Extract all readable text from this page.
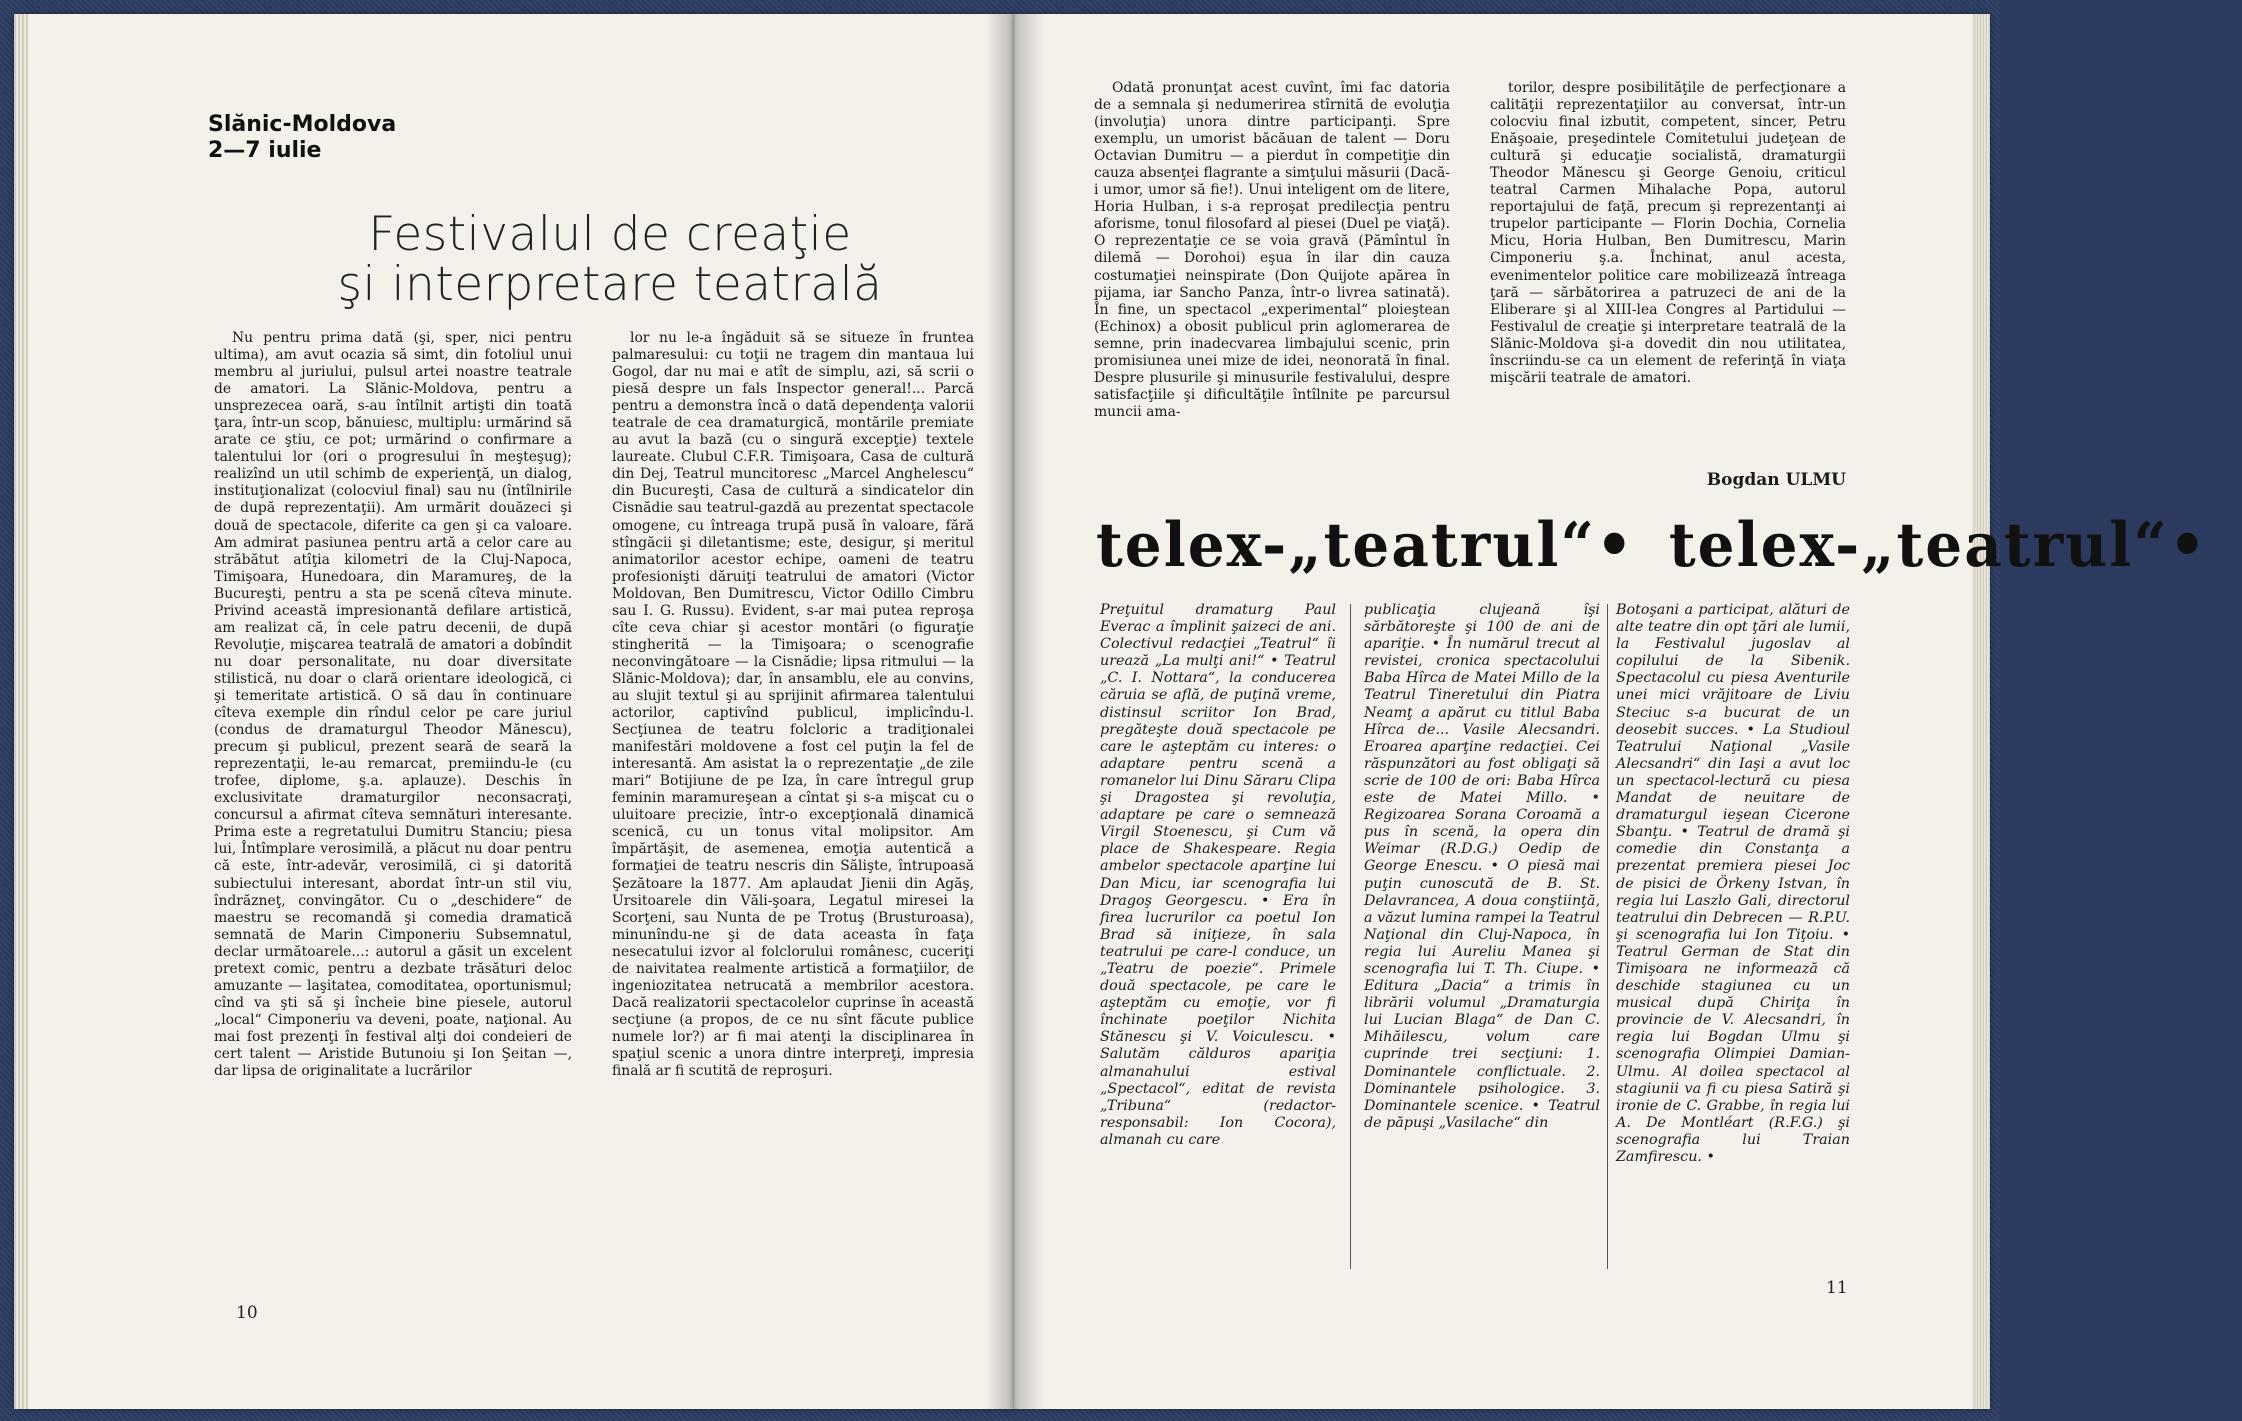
Slănic-Moldova
2—7 iulie
Festivalul de creaţie
şi interpretare teatrală

Nu pentru prima dată (şi, sper, nici pentru ultima), am avut ocazia să simt, din fotoliul unui membru al juriului, pulsul artei noastre teatrale de amatori. La Slănic-Moldova, pentru a unsprezecea oară, s-au întîlnit artişti din toată ţara, într-un scop, bănuiesc, multiplu: urmărind să arate ce ştiu, ce pot; urmărind o confirmare a talentului lor (ori o progresului în meşteşug); realizînd un util schimb de experienţă, un dialog, instituţionalizat (colocviul final) sau nu (întîlnirile de după reprezentaţii). Am urmărit douăzeci şi două de spectacole, diferite ca gen şi ca valoare. Am admirat pasiunea pentru artă a celor care au străbătut atîţia kilometri de la Cluj-Napoca, Timişoara, Hunedoara, din Maramureş, de la Bucureşti, pentru a sta pe scenă cîteva minute. Privind această impresionantă defilare artistică, am realizat că, în cele patru decenii, de după Revoluţie, mişcarea teatrală de amatori a dobîndit nu doar personalitate, nu doar diversitate stilistică, nu doar o clară orientare ideologică, ci şi temeritate artistică. O să dau în continuare cîteva exemple din rîndul celor pe care juriul (condus de dramaturgul Theodor Mănescu), precum şi publicul, prezent seară de seară la reprezentaţii, le-au remarcat, premiindu-le (cu trofee, diplome, ş.a. aplauze). Deschis în exclusivitate dramaturgilor neconsacraţi, concursul a afirmat cîteva semnături interesante. Prima este a regretatului Dumitru Stanciu; piesa lui, Întîmplare verosimilă, a plăcut nu doar pentru că este, într-adevăr, verosimilă, ci şi datorită subiectului interesant, abordat într-un stil viu, îndrăzneţ, convingător. Cu o „deschidere“ de maestru se recomandă şi comedia dramatică semnată de Marin Cimponeriu Subsemnatul, declar următoarele...: autorul a găsit un excelent pretext comic, pentru a dezbate trăsături deloc amuzante — laşitatea, comoditatea, oportunismul; cînd va şti să şi încheie bine piesele, autorul „local“ Cimponeriu va deveni, poate, naţional. Au mai fost prezenţi în festival alţi doi condeieri de cert talent — Aristide Butunoiu şi Ion Şeitan —, dar lipsa de originalitate a lucrărilor

lor nu le-a îngăduit să se situeze în fruntea palmaresului: cu toţii ne tragem din mantaua lui Gogol, dar nu mai e atît de simplu, azi, să scrii o piesă despre un fals Inspector general!... Parcă pentru a demonstra încă o dată dependenţa valorii teatrale de cea dramaturgică, montările premiate au avut la bază (cu o singură excepţie) textele laureate. Clubul C.F.R. Timişoara, Casa de cultură din Dej, Teatrul muncitoresc „Marcel Anghelescu“ din Bucureşti, Casa de cultură a sindicatelor din Cisnădie sau teatrul-gazdă au prezentat spectacole omogene, cu întreaga trupă pusă în valoare, fără stîngăcii şi diletantisme; este, desigur, şi meritul animatorilor acestor echipe, oameni de teatru profesionişti dăruiţi teatrului de amatori (Victor Moldovan, Ben Dumitrescu, Victor Odillo Cimbru sau I. G. Russu). Evident, s-ar mai putea reproşa cîte ceva chiar şi acestor montări (o figuraţie stingherită — la Timişoara; o scenografie neconvingătoare — la Cisnădie; lipsa ritmului — la Slănic-Moldova); dar, în ansamblu, ele au convins, au slujit textul şi au sprijinit afirmarea talentului actorilor, captivînd publicul, implicîndu-l. Secţiunea de teatru folcloric a tradiţionalei manifestări moldovene a fost cel puţin la fel de interesantă. Am asistat la o reprezentaţie „de zile mari“ Botijiune de pe Iza, în care întregul grup feminin maramureşean a cîntat şi s-a mişcat cu o uluitoare precizie, într-o excepţională dinamică scenică, cu un tonus vital molipsitor. Am împărtăşit, de asemenea, emoţia autentică a formaţiei de teatru nescris din Sălişte, întrupoasă Şezătoare la 1877. Am aplaudat Jienii din Agăş, Ursitoarele din Văli-şoara, Legatul miresei la Scorţeni, sau Nunta de pe Trotuş (Brusturoasa), minunîndu-ne şi de data aceasta în faţa nesecatului izvor al folclorului românesc, cuceriţi de naivitatea realmente artistică a formaţiilor, de ingeniozitatea netrucată a membrilor acestora. Dacă realizatorii spectacolelor cuprinse în această secţiune (a propos, de ce nu sînt făcute publice numele lor?) ar fi mai atenţi la disciplinarea în spaţiul scenic a unora dintre interpreţi, impresia finală ar fi scutită de reproşuri.

10

Odată pronunţat acest cuvînt, îmi fac datoria de a semnala şi nedumerirea stîrnită de evoluţia (involuţia) unora dintre participanţi. Spre exemplu, un umorist băcăuan de talent — Doru Octavian Dumitru — a pierdut în competiţie din cauza absenţei flagrante a simţului măsurii (Dacă-i umor, umor să fie!). Unui inteligent om de litere, Horia Hulban, i s-a reproşat predilecţia pentru aforisme, tonul filosofard al piesei (Duel pe viaţă). O reprezentaţie ce se voia gravă (Pămîntul în dilemă — Dorohoi) eşua în ilar din cauza costumaţiei neinspirate (Don Quijote apărea în pijama, iar Sancho Panza, într-o livrea satinată). În fine, un spectacol „experimental“ ploieştean (Echinox) a obosit publicul prin aglomerarea de semne, prin inadecvarea limbajului scenic, prin promisiunea unei mize de idei, neonorată în final. Despre plusurile şi minusurile festivalului, despre satisfacţiile şi dificultăţile întîlnite pe parcursul muncii ama-

torilor, despre posibilităţile de perfecţionare a calităţii reprezentaţiilor au conversat, într-un colocviu final izbutit, competent, sincer, Petru Enăşoaie, preşedintele Comitetului judeţean de cultură şi educaţie socialistă, dramaturgii Theodor Mănescu şi George Genoiu, criticul teatral Carmen Mihalache Popa, autorul reportajului de faţă, precum şi reprezentanţi ai trupelor participante — Florin Dochia, Cornelia Micu, Horia Hulban, Ben Dumitrescu, Marin Cimponeriu ş.a. Închinat, anul acesta, evenimentelor politice care mobilizează întreaga ţară — sărbătorirea a patruzeci de ani de la Eliberare şi al XIII-lea Congres al Partidului — Festivalul de creaţie şi interpretare teatrală de la Slănic-Moldova şi-a dovedit din nou utilitatea, înscriindu-se ca un element de referinţă în viaţa mişcării teatrale de amatori.

Bogdan ULMU
telex-„teatrul“• telex-„teatrul“•
Preţuitul dramaturg Paul Everac a împlinit şaizeci de ani. Colectivul redacţiei „Teatrul“ îi urează „La mulţi ani!“ • Teatrul „C. I. Nottara“, la conducerea căruia se află, de puţină vreme, distinsul scriitor Ion Brad, pregăteşte două spectacole pe care le aşteptăm cu interes: o adaptare pentru scenă a romanelor lui Dinu Săraru Clipa şi Dragostea şi revoluţia, adaptare pe care o semnează Virgil Stoenescu, şi Cum vă place de Shakespeare. Regia ambelor spectacole aparţine lui Dan Micu, iar scenografia lui Dragoş Georgescu. • Era în firea lucrurilor ca poetul Ion Brad să iniţieze, în sala teatrului pe care-l conduce, un „Teatru de poezie“. Primele două spectacole, pe care le aşteptăm cu emoţie, vor fi închinate poeţilor Nichita Stănescu şi V. Voiculescu. • Salutăm călduros apariţia almanahului estival „Spectacol“, editat de revista „Tribuna“ (redactor-responsabil: Ion Cocora), almanah cu care
publicaţia clujeană îşi sărbătoreşte şi 100 de ani de apariţie. • În numărul trecut al revistei, cronica spectacolului Baba Hîrca de Matei Millo de la Teatrul Tineretului din Piatra Neamţ a apărut cu titlul Baba Hîrca de... Vasile Alecsandri. Eroarea aparţine redacţiei. Cei răspunzători au fost obligaţi să scrie de 100 de ori: Baba Hîrca este de Matei Millo. • Regizoarea Sorana Coroamă a pus în scenă, la opera din Weimar (R.D.G.) Oedip de George Enescu. • O piesă mai puţin cunoscută de B. St. Delavrancea, A doua conştiinţă, a văzut lumina rampei la Teatrul Naţional din Cluj-Napoca, în regia lui Aureliu Manea şi scenografia lui T. Th. Ciupe. • Editura „Dacia“ a trimis în librării volumul „Dramaturgia lui Lucian Blaga“ de Dan C. Mihăilescu, volum care cuprinde trei secţiuni: 1. Dominantele conflictuale. 2. Dominantele psihologice. 3. Dominantele scenice. • Teatrul de păpuşi „Vasilache“ din
Botoşani a participat, alături de alte teatre din opt ţări ale lumii, la Festivalul jugoslav al copilului de la Sibenik. Spectacolul cu piesa Aventurile unei mici vrăjitoare de Liviu Steciuc s-a bucurat de un deosebit succes. • La Studioul Teatrului Naţional „Vasile Alecsandri“ din Iaşi a avut loc un spectacol-lectură cu piesa Mandat de neuitare de dramaturgul ieşean Cicerone Sbanţu. • Teatrul de dramă şi comedie din Constanţa a prezentat premiera piesei Joc de pisici de Örkeny Istvan, în regia lui Laszlo Gali, directorul teatrului din Debrecen — R.P.U. şi scenografia lui Ion Tiţoiu. • Teatrul German de Stat din Timişoara ne informează că deschide stagiunea cu un musical după Chiriţa în provincie de V. Alecsandri, în regia lui Bogdan Ulmu şi scenografia Olimpiei Damian-Ulmu. Al doilea spectacol al stagiunii va fi cu piesa Satiră şi ironie de C. Grabbe, în regia lui A. De Montléart (R.F.G.) şi scenografia lui Traian Zamfirescu. •
11
